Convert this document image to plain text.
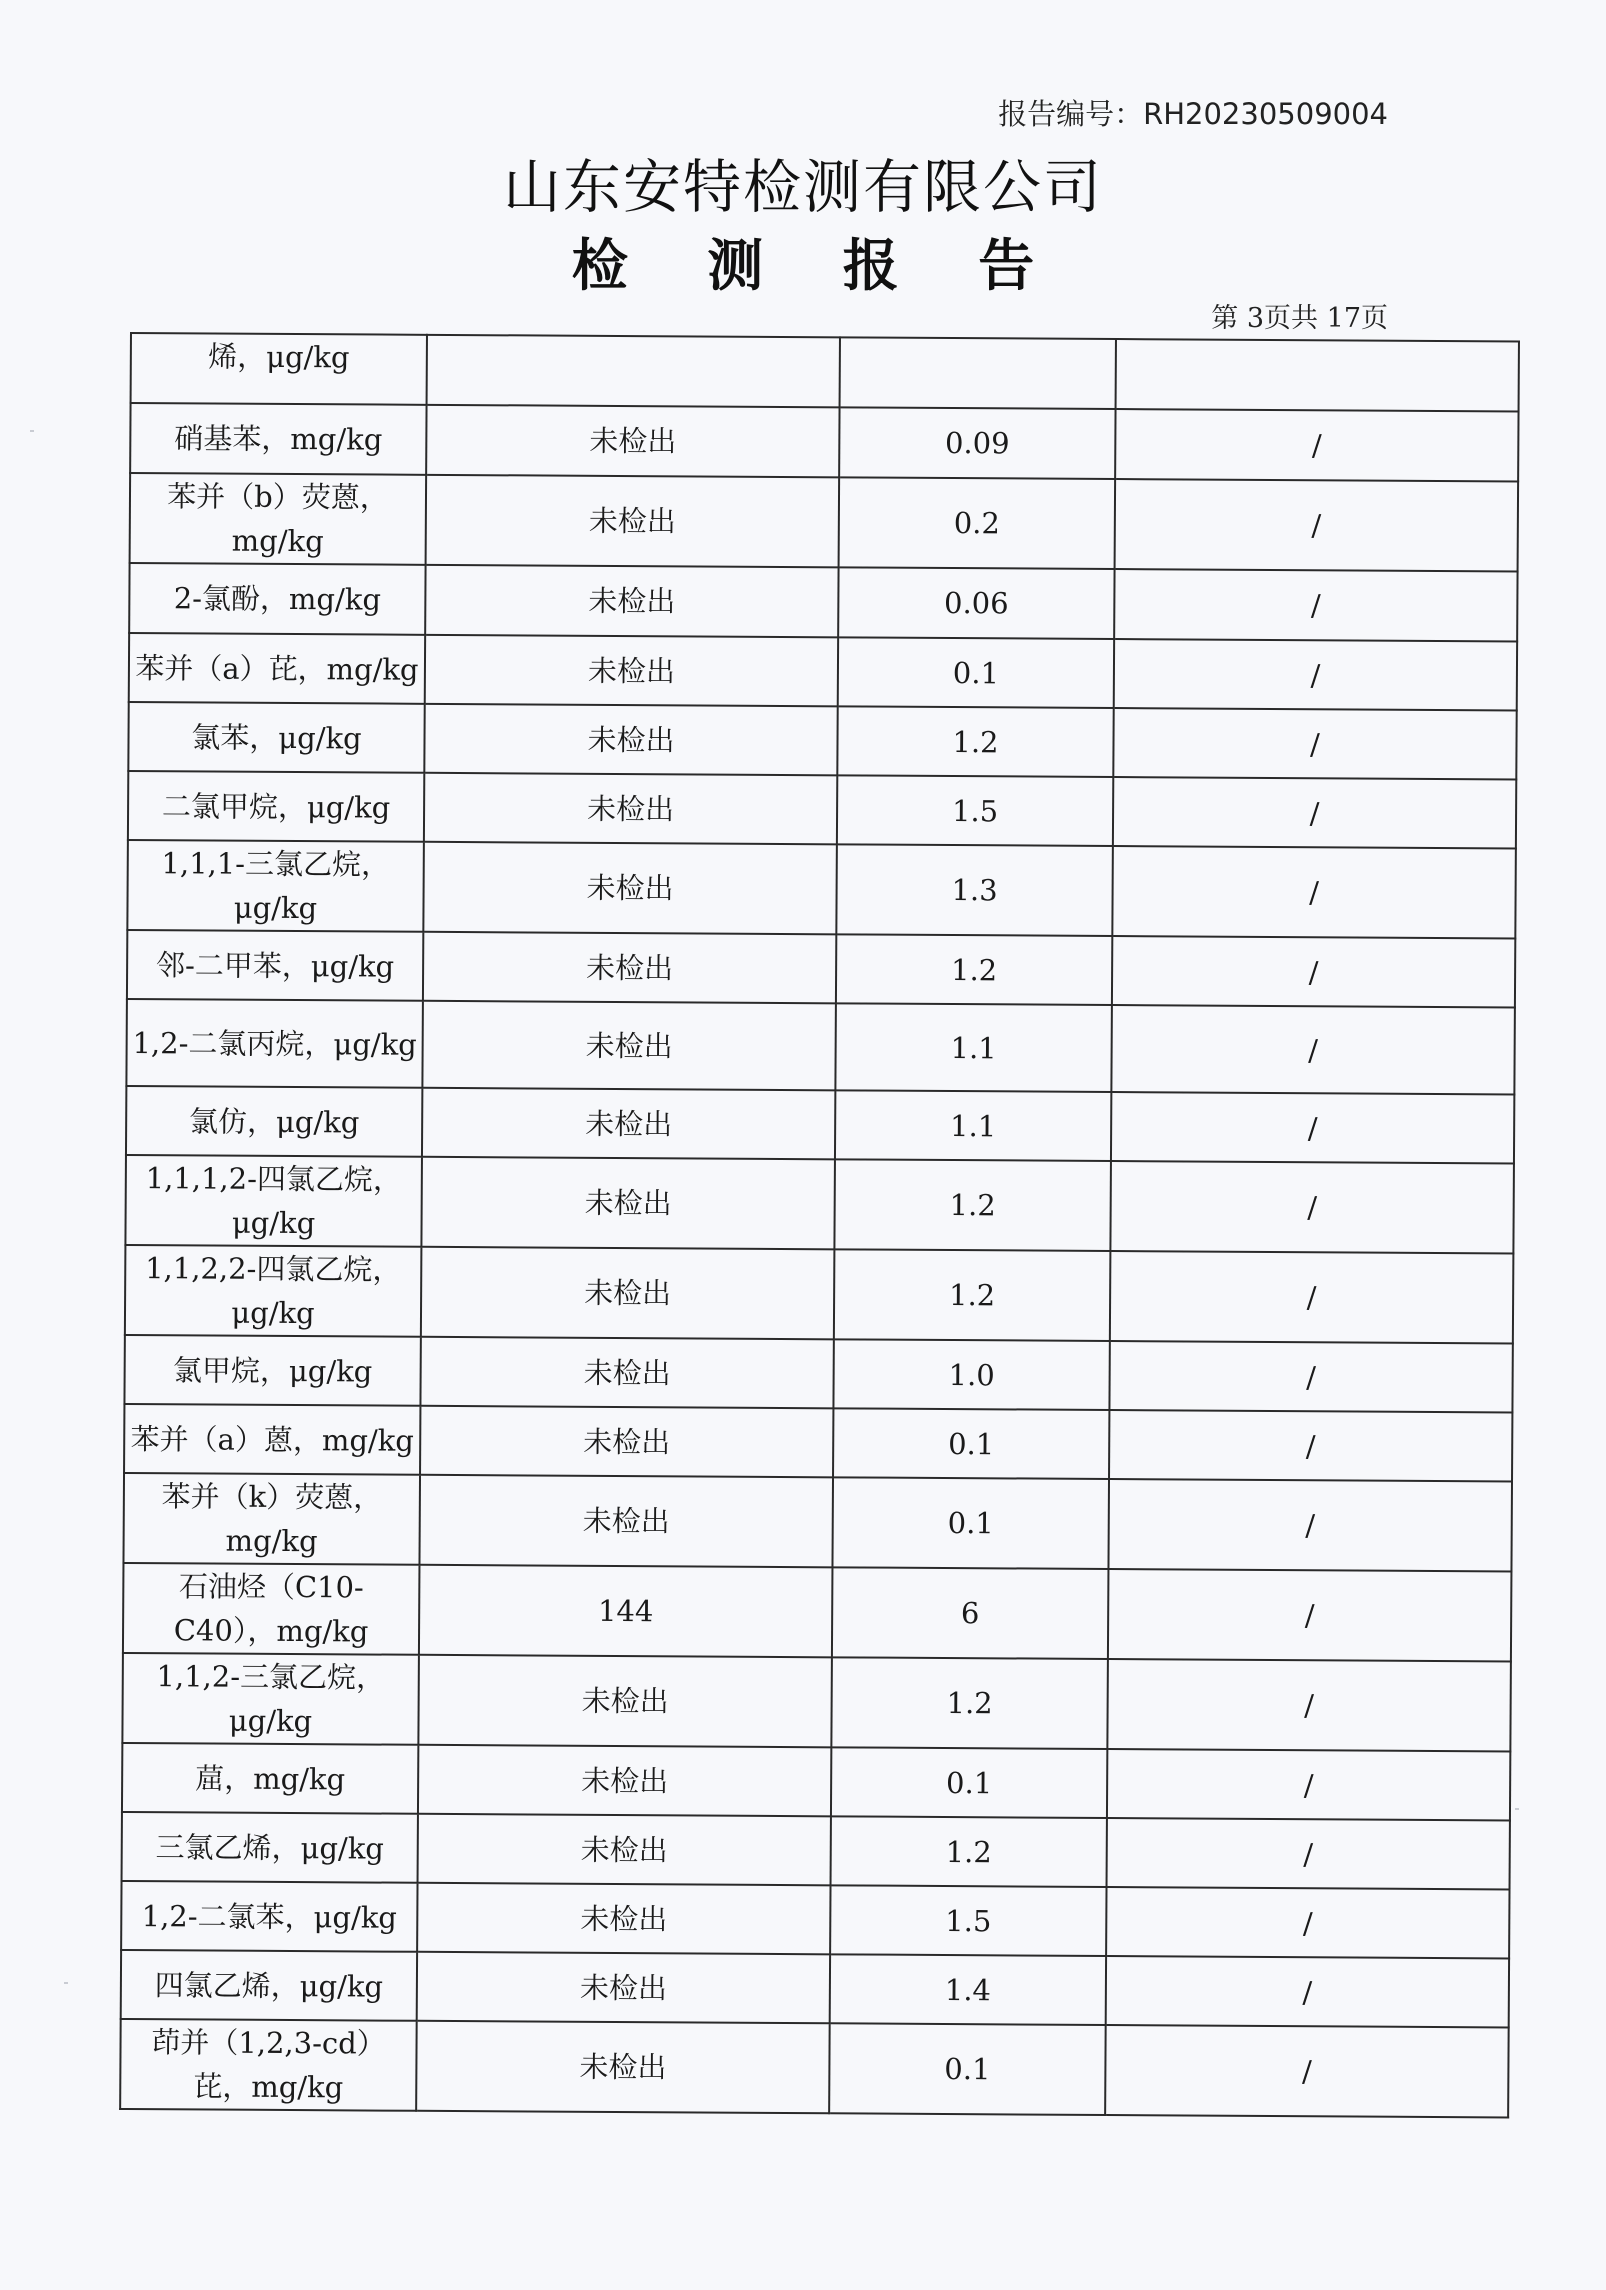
报告编号：RH20230509004
山东安特检测有限公司
检 测 报 告
第 3页共 17页
烯，μg/kg			
硝基苯，mg/kg	未检出	0.09	/
苯并（b）荧蒽，mg/kg	未检出	0.2	/
2-氯酚，mg/kg	未检出	0.06	/
苯并（a）芘，mg/kg	未检出	0.1	/
氯苯，μg/kg	未检出	1.2	/
二氯甲烷，μg/kg	未检出	1.5	/
1,1,1-三氯乙烷，μg/kg	未检出	1.3	/
邻-二甲苯，μg/kg	未检出	1.2	/
1,2-二氯丙烷，μg/kg	未检出	1.1	/
氯仿，μg/kg	未检出	1.1	/
1,1,1,2-四氯乙烷，μg/kg	未检出	1.2	/
1,1,2,2-四氯乙烷，μg/kg	未检出	1.2	/
氯甲烷，μg/kg	未检出	1.0	/
苯并（a）蒽，mg/kg	未检出	0.1	/
苯并（k）荧蒽，mg/kg	未检出	0.1	/
石油烃（C10-C40），mg/kg	144	6	/
1,1,2-三氯乙烷，μg/kg	未检出	1.2	/
䓛，mg/kg	未检出	0.1	/
三氯乙烯，μg/kg	未检出	1.2	/
1,2-二氯苯，μg/kg	未检出	1.5	/
四氯乙烯，μg/kg	未检出	1.4	/
茚并（1,2,3-cd）芘，mg/kg	未检出	0.1	/
